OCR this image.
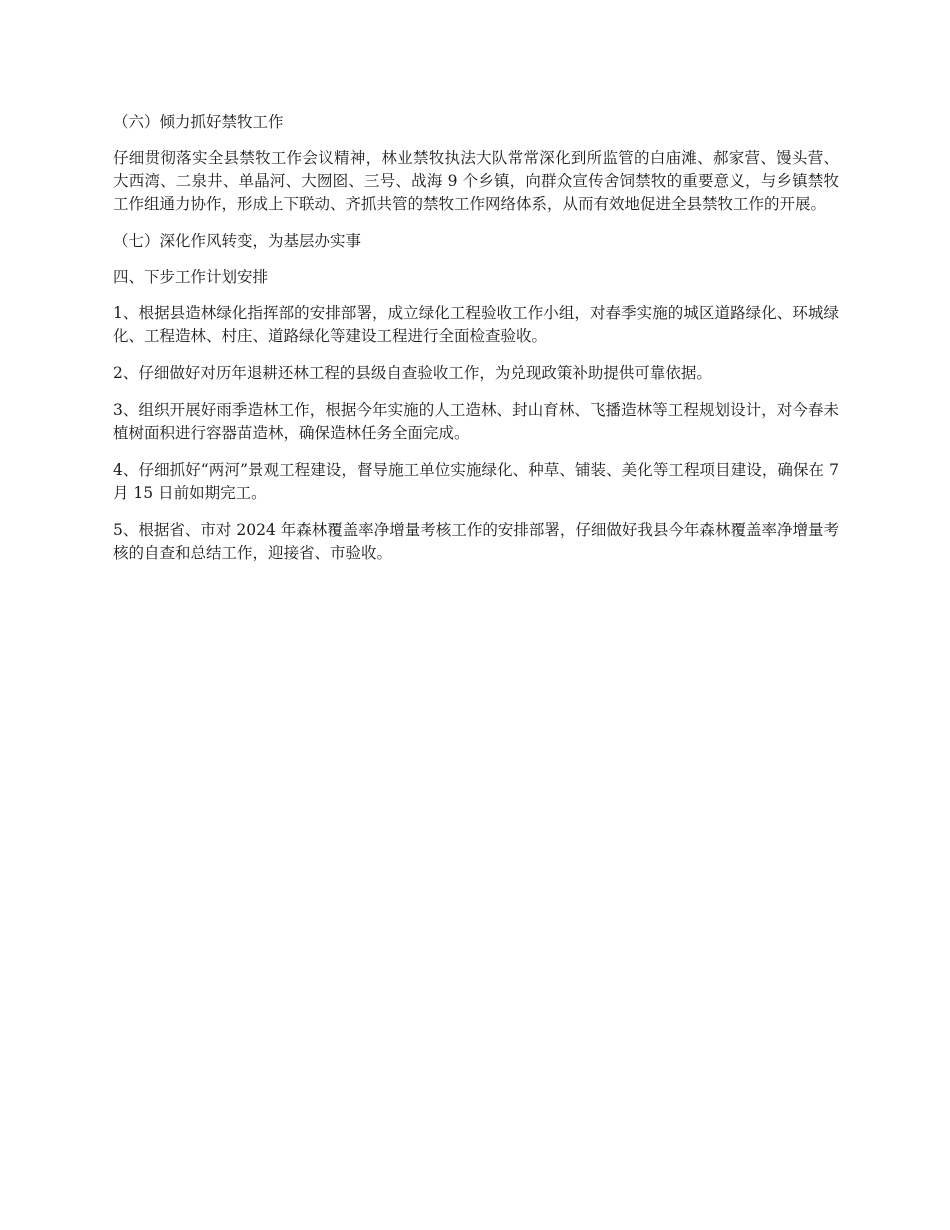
（六）倾力抓好禁牧工作

仔细贯彻落实全县禁牧工作会议精神，林业禁牧执法大队常常深化到所监管的白庙滩、郝家营、馒头营、大西湾、二泉井、单晶河、大囫囵、三号、战海 9 个乡镇，向群众宣传舍饲禁牧的重要意义，与乡镇禁牧工作组通力协作，形成上下联动、齐抓共管的禁牧工作网络体系，从而有效地促进全县禁牧工作的开展。

（七）深化作风转变，为基层办实事

四、下步工作计划安排

1、根据县造林绿化指挥部的安排部署，成立绿化工程验收工作小组，对春季实施的城区道路绿化、环城绿化、工程造林、村庄、道路绿化等建设工程进行全面检查验收。

2、仔细做好对历年退耕还林工程的县级自查验收工作，为兑现政策补助提供可靠依据。

3、组织开展好雨季造林工作，根据今年实施的人工造林、封山育林、飞播造林等工程规划设计，对今春未植树面积进行容器苗造林，确保造林任务全面完成。

4、仔细抓好“两河”景观工程建设，督导施工单位实施绿化、种草、铺装、美化等工程项目建设，确保在 7 月 15 日前如期完工。

5、根据省、市对 2024 年森林覆盖率净增量考核工作的安排部署，仔细做好我县今年森林覆盖率净增量考核的自查和总结工作，迎接省、市验收。
